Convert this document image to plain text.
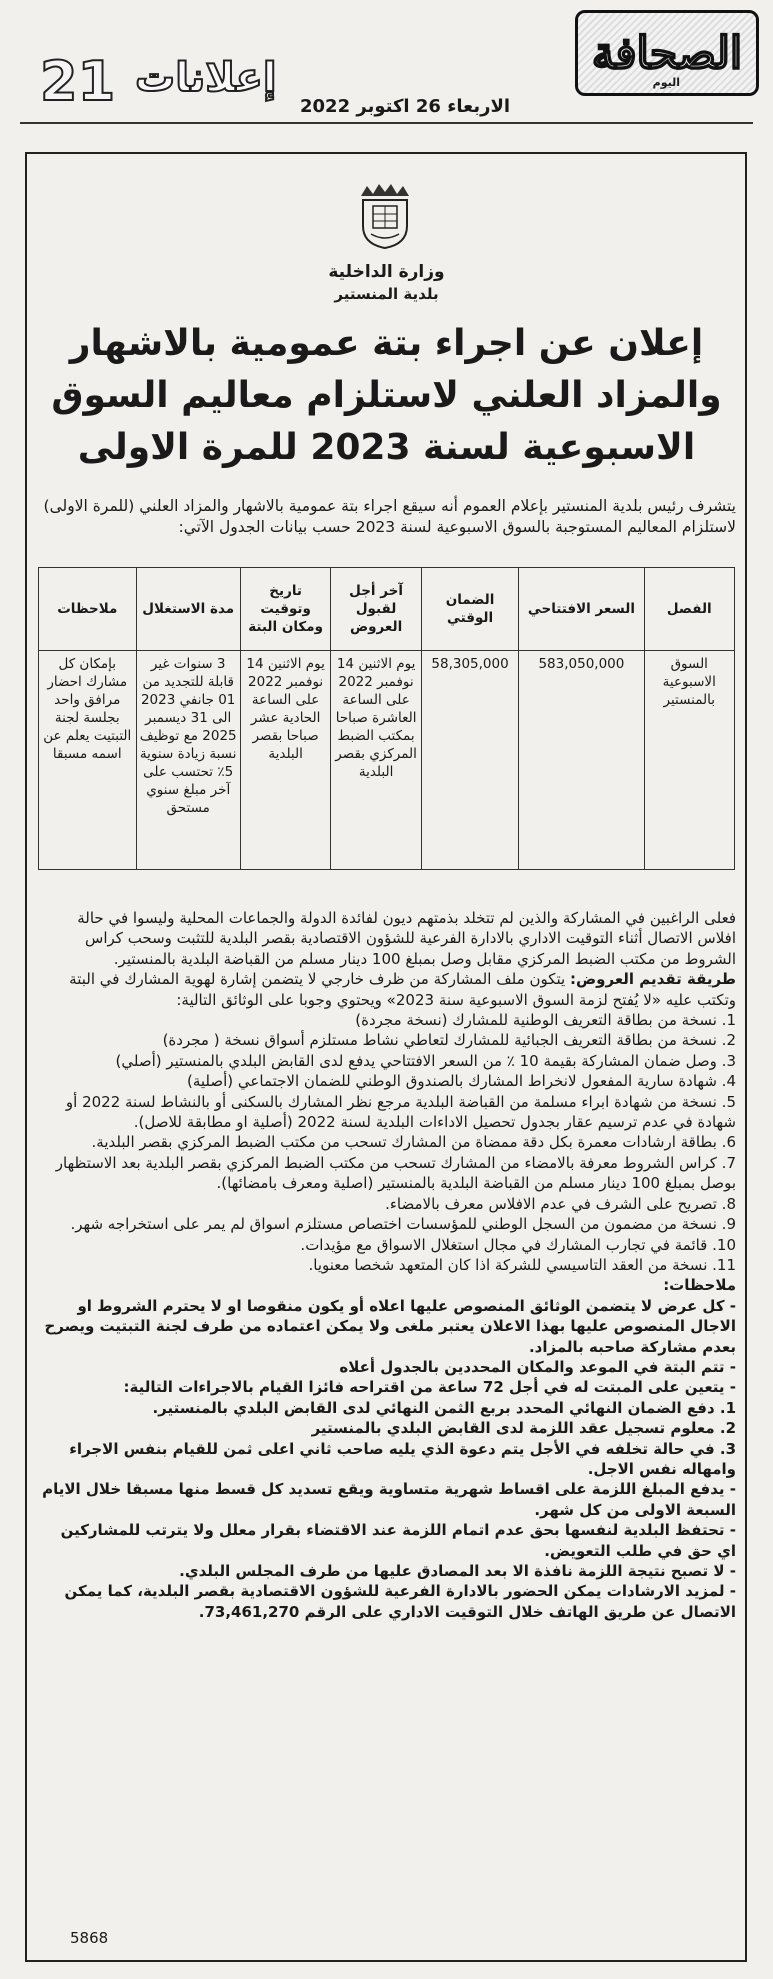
الصحافة
اليوم
إعلانات
21	الاربعاء 26 اكتوبر 2022
وزارة الداخلية
بلدية المنستير
إعلان عن اجراء بتة عمومية بالاشهار والمزاد العلني لاستلزام معاليم السوق الاسبوعية لسنة 2023 للمرة الاولى
يتشرف رئيس بلدية المنستير بإعلام العموم أنه سيقع اجراء بتة عمومية بالاشهار والمزاد العلني (للمرة الاولى) لاستلزام المعاليم المستوجبة بالسوق الاسبوعية لسنة 2023 حسب بيانات الجدول الآتي:
الفصل	السعر الافتتاحي	الضمان الوقتي	آخر أجل لقبول العروض	تاريخ وتوقيت ومكان البتة	مدة الاستغلال	ملاحظات
السوق الاسبوعية بالمنستير	583,050,000	58,305,000	يوم الاثنين 14 نوفمبر 2022 على الساعة العاشرة صباحا بمكتب الضبط المركزي بقصر البلدية	يوم الاثنين 14 نوفمبر 2022 على الساعة الحادية عشر صباحا بقصر البلدية	3 سنوات غير قابلة للتجديد من 01 جانفي 2023 الى 31 ديسمبر 2025 مع توظيف نسبة زيادة سنوية 5٪ تحتسب على آخر مبلغ سنوي مستحق	بإمكان كل مشارك احضار مرافق واحد بجلسة لجنة التبتيت يعلم عن اسمه مسبقا

فعلى الراغبين في المشاركة والذين لم تتخلد بذمتهم ديون لفائدة الدولة والجماعات المحلية وليسوا في حالة افلاس الاتصال أثناء التوقيت الاداري بالادارة الفرعية للشؤون الاقتصادية بقصر البلدية للتثبت وسحب كراس الشروط من مكتب الضبط المركزي مقابل وصل بمبلغ 100 دينار مسلم من القباضة البلدية بالمنستير.

طريقة تقديم العروض: يتكون ملف المشاركة من ظرف خارجي لا يتضمن إشارة لهوية المشارك في البتة وتكتب عليه «لا يُفتح لزمة السوق الاسبوعية سنة 2023» ويحتوي وجوبا على الوثائق التالية:

1. نسخة من بطاقة التعريف الوطنية للمشارك (نسخة مجردة)

2. نسخة من بطاقة التعريف الجبائية للمشارك لتعاطي نشاط مستلزم أسواق نسخة ( مجردة)

3. وصل ضمان المشاركة بقيمة 10 ٪ من السعر الافتتاحي يدفع لدى القابض البلدي بالمنستير (أصلي)

4. شهادة سارية المفعول لانخراط المشارك بالصندوق الوطني للضمان الاجتماعي (أصلية)

5. نسخة من شهادة ابراء مسلمة من القباضة البلدية مرجع نظر المشارك بالسكنى أو بالنشاط لسنة 2022 أو شهادة في عدم ترسيم عقار بجدول تحصيل الاداءات البلدية لسنة 2022 (أصلية او مطابقة للاصل).

6. بطاقة ارشادات معمرة بكل دقة ممضاة من المشارك تسحب من مكتب الضبط المركزي بقصر البلدية.

7. كراس الشروط معرفة بالامضاء من المشارك تسحب من مكتب الضبط المركزي بقصر البلدية بعد الاستظهار بوصل بمبلغ 100 دينار مسلم من القباضة البلدية بالمنستير (اصلية ومعرف بامضائها).

8. تصريح على الشرف في عدم الافلاس معرف بالامضاء.

9. نسخة من مضمون من السجل الوطني للمؤسسات اختصاص مستلزم اسواق لم يمر على استخراجه شهر.

10. قائمة في تجارب المشارك في مجال استغلال الاسواق مع مؤيدات.

11. نسخة من العقد التاسيسي للشركة اذا كان المتعهد شخصا معنويا.

ملاحظات:

- كل عرض لا يتضمن الوثائق المنصوص عليها اعلاه أو يكون منقوصا او لا يحترم الشروط او الاجال المنصوص عليها بهذا الاعلان يعتبر ملغى ولا يمكن اعتماده من طرف لجنة التبتيت ويصرح بعدم مشاركة صاحبه بالمزاد.

- تتم البتة في الموعد والمكان المحددين بالجدول أعلاه

- يتعين على المبتت له في أجل 72 ساعة من اقتراحه فائزا القيام بالاجراءات التالية:

1. دفع الضمان النهائي المحدد بربع الثمن النهائي لدى القابض البلدي بالمنستير.

2. معلوم تسجيل عقد اللزمة لدى القابض البلدي بالمنستير

3. في حالة تخلفه في الأجل يتم دعوة الذي يليه صاحب ثاني اعلى ثمن للقيام بنفس الاجراء وامهاله نفس الاجل.

- يدفع المبلغ اللزمة على اقساط شهرية متساوية ويقع تسديد كل قسط منها مسبقا خلال الايام السبعة الاولى من كل شهر.

- تحتفظ البلدية لنفسها بحق عدم اتمام اللزمة عند الاقتضاء بقرار معلل ولا يترتب للمشاركين اي حق في طلب التعويض.

- لا تصبح نتيجة اللزمة نافذة الا بعد المصادق عليها من طرف المجلس البلدي.

- لمزيد الارشادات يمكن الحضور بالادارة الفرعية للشؤون الاقتصادية بقصر البلدية، كما يمكن الاتصال عن طريق الهاتف خلال التوقيت الاداري على الرقم 73,461,270.

5868
